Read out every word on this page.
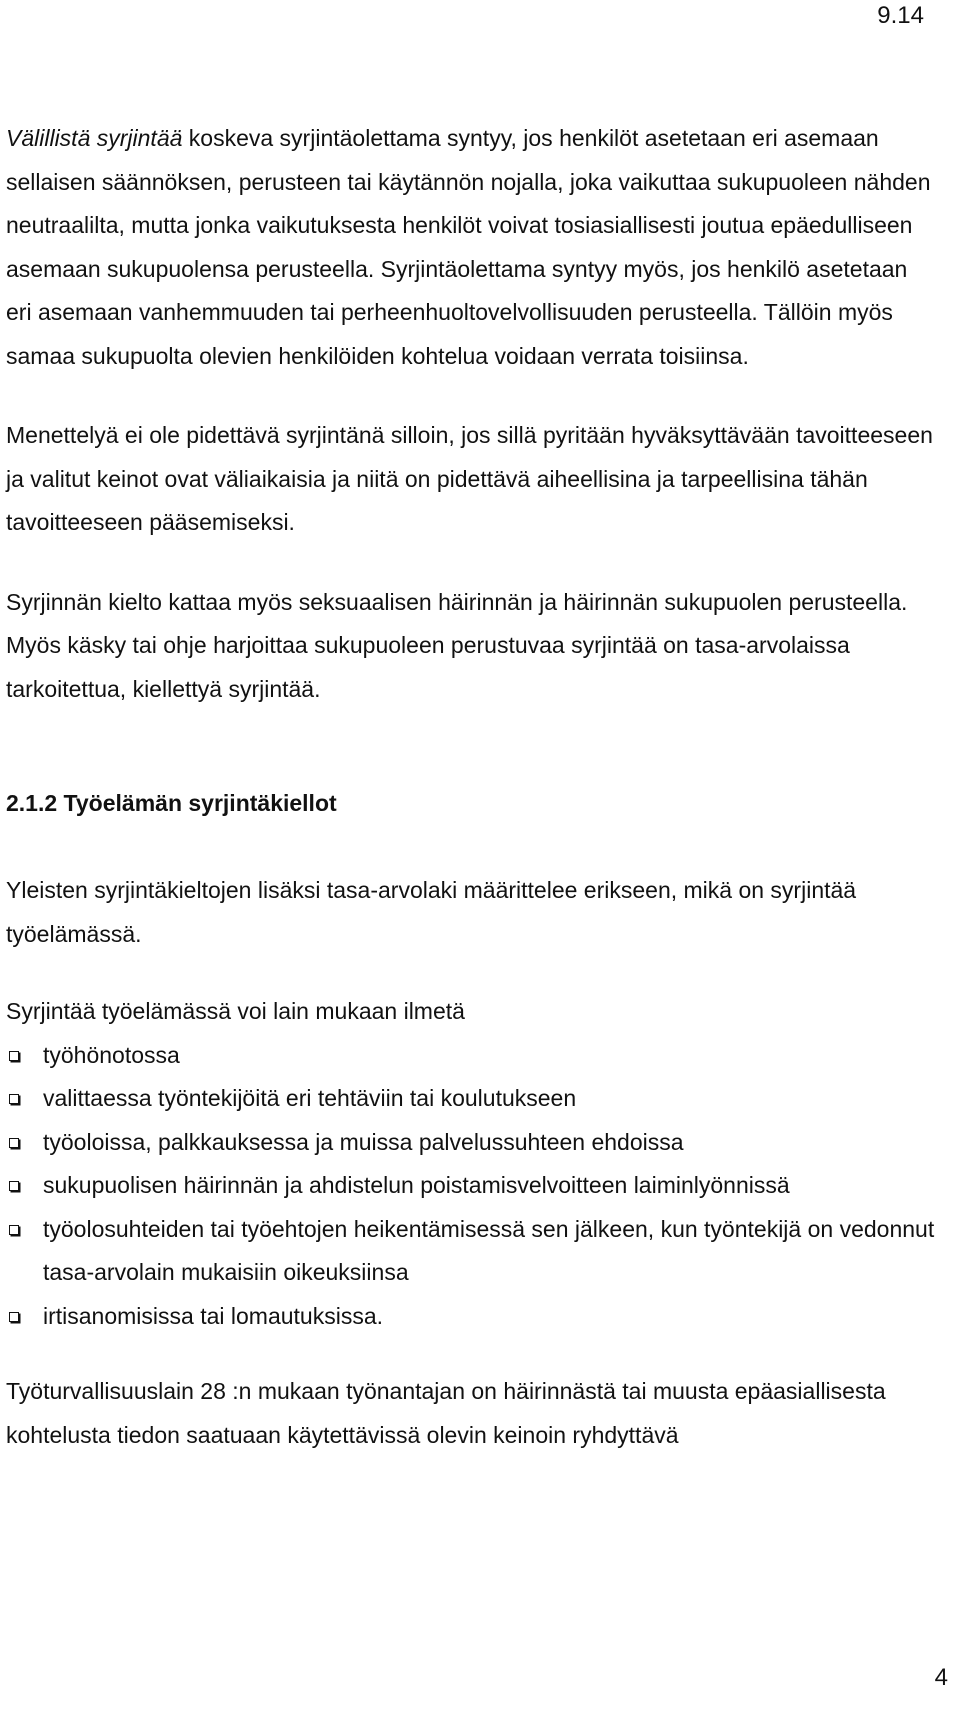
9.14

Välillistä syrjintää koskeva syrjintäolettama syntyy, jos henkilöt asetetaan eri asemaan sellaisen säännöksen, perusteen tai käytännön nojalla, joka vaikuttaa sukupuoleen nähden neutraalilta, mutta jonka vaikutuksesta henkilöt voivat tosiasiallisesti joutua epäedulliseen asemaan sukupuolensa perusteella. Syrjintäolettama syntyy myös, jos henkilö asetetaan eri asemaan vanhemmuuden tai perheenhuoltovelvollisuuden perusteella. Tällöin myös samaa sukupuolta olevien henkilöiden kohtelua voidaan verrata toisiinsa.

Menettelyä ei ole pidettävä syrjintänä silloin, jos sillä pyritään hyväksyttävään tavoitteeseen ja valitut keinot ovat väliaikaisia ja niitä on pidettävä aiheellisina ja tarpeellisina tähän tavoitteeseen pääsemiseksi.

Syrjinnän kielto kattaa myös seksuaalisen häirinnän ja häirinnän sukupuolen perusteella. Myös käsky tai ohje harjoittaa sukupuoleen perustuvaa syrjintää on tasa-arvolaissa tarkoitettua, kiellettyä syrjintää.

2.1.2 Työelämän syrjintäkiellot

Yleisten syrjintäkieltojen lisäksi tasa-arvolaki määrittelee erikseen, mikä on syrjintää työelämässä.

Syrjintää työelämässä voi lain mukaan ilmetä

työhönotossa
valittaessa työntekijöitä eri tehtäviin tai koulutukseen
työoloissa, palkkauksessa ja muissa palvelussuhteen ehdoissa
sukupuolisen häirinnän ja ahdistelun poistamisvelvoitteen laiminlyönnissä
työolosuhteiden tai työehtojen heikentämisessä sen jälkeen, kun työntekijä on vedonnut tasa-arvolain mukaisiin oikeuksiinsa
irtisanomisissa tai lomautuksissa.

Työturvallisuuslain 28 :n mukaan työnantajan on häirinnästä tai muusta epäasiallisesta kohtelusta tiedon saatuaan käytettävissä olevin keinoin ryhdyttävä

4
